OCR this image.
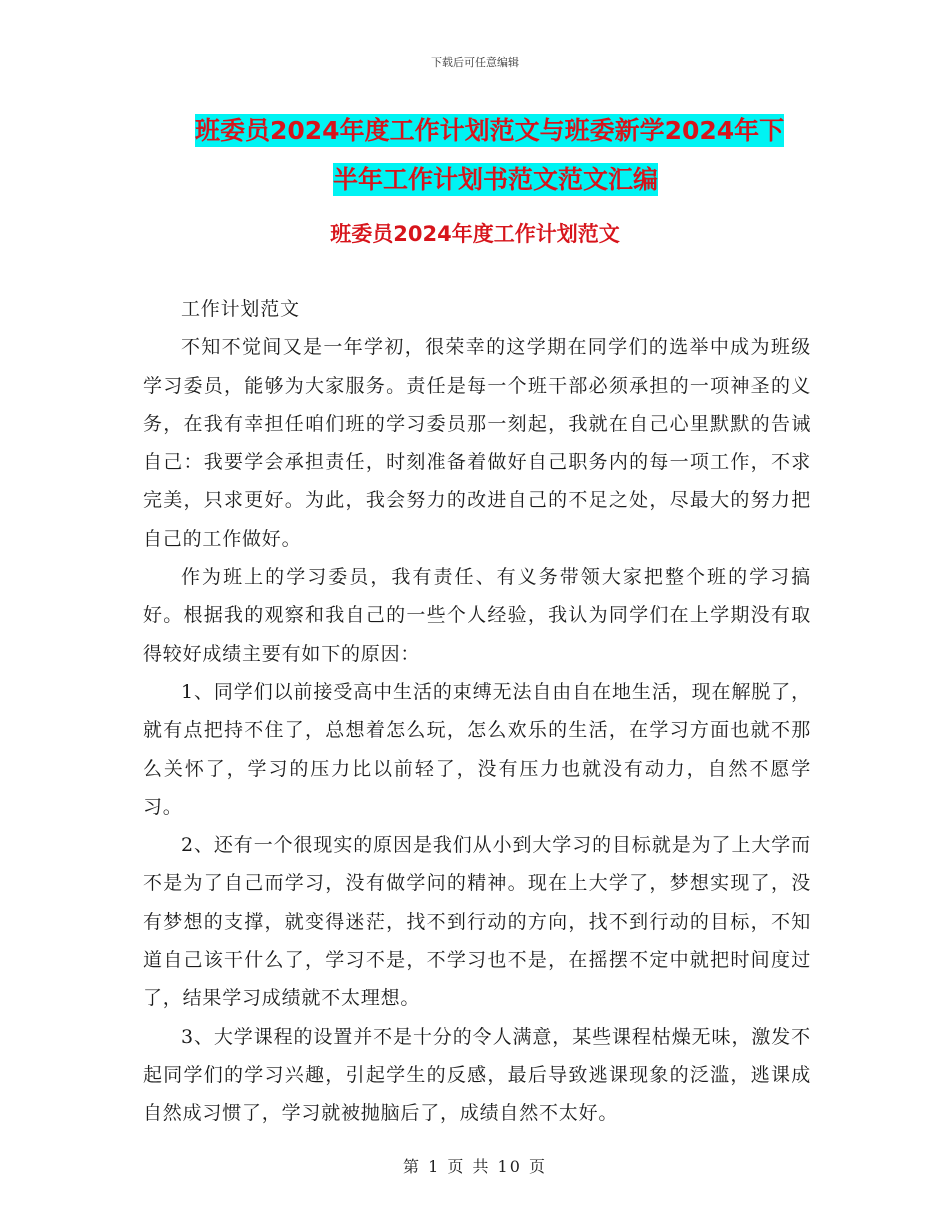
下载后可任意编辑
班委员2024年度工作计划范文与班委新学2024年下
半年工作计划书范文范文汇编
班委员2024年度工作计划范文

工作计划范文

不知不觉间又是一年学初，很荣幸的这学期在同学们的选举中成为班级学习委员，能够为大家服务。责任是每一个班干部必须承担的一项神圣的义务，在我有幸担任咱们班的学习委员那一刻起，我就在自己心里默默的告诫自己：我要学会承担责任，时刻准备着做好自己职务内的每一项工作，不求完美，只求更好。为此，我会努力的改进自己的不足之处，尽最大的努力把自己的工作做好。

作为班上的学习委员，我有责任、有义务带领大家把整个班的学习搞好。根据我的观察和我自己的一些个人经验，我认为同学们在上学期没有取得较好成绩主要有如下的原因：

1、同学们以前接受高中生活的束缚无法自由自在地生活，现在解脱了，就有点把持不住了，总想着怎么玩，怎么欢乐的生活，在学习方面也就不那么关怀了，学习的压力比以前轻了，没有压力也就没有动力，自然不愿学习。

2、还有一个很现实的原因是我们从小到大学习的目标就是为了上大学而不是为了自己而学习，没有做学问的精神。现在上大学了，梦想实现了，没有梦想的支撑，就变得迷茫，找不到行动的方向，找不到行动的目标，不知道自己该干什么了，学习不是，不学习也不是，在摇摆不定中就把时间度过了，结果学习成绩就不太理想。

3、大学课程的设置并不是十分的令人满意，某些课程枯燥无味，激发不起同学们的学习兴趣，引起学生的反感，最后导致逃课现象的泛滥，逃课成自然成习惯了，学习就被抛脑后了，成绩自然不太好。

第 1 页 共 10 页
